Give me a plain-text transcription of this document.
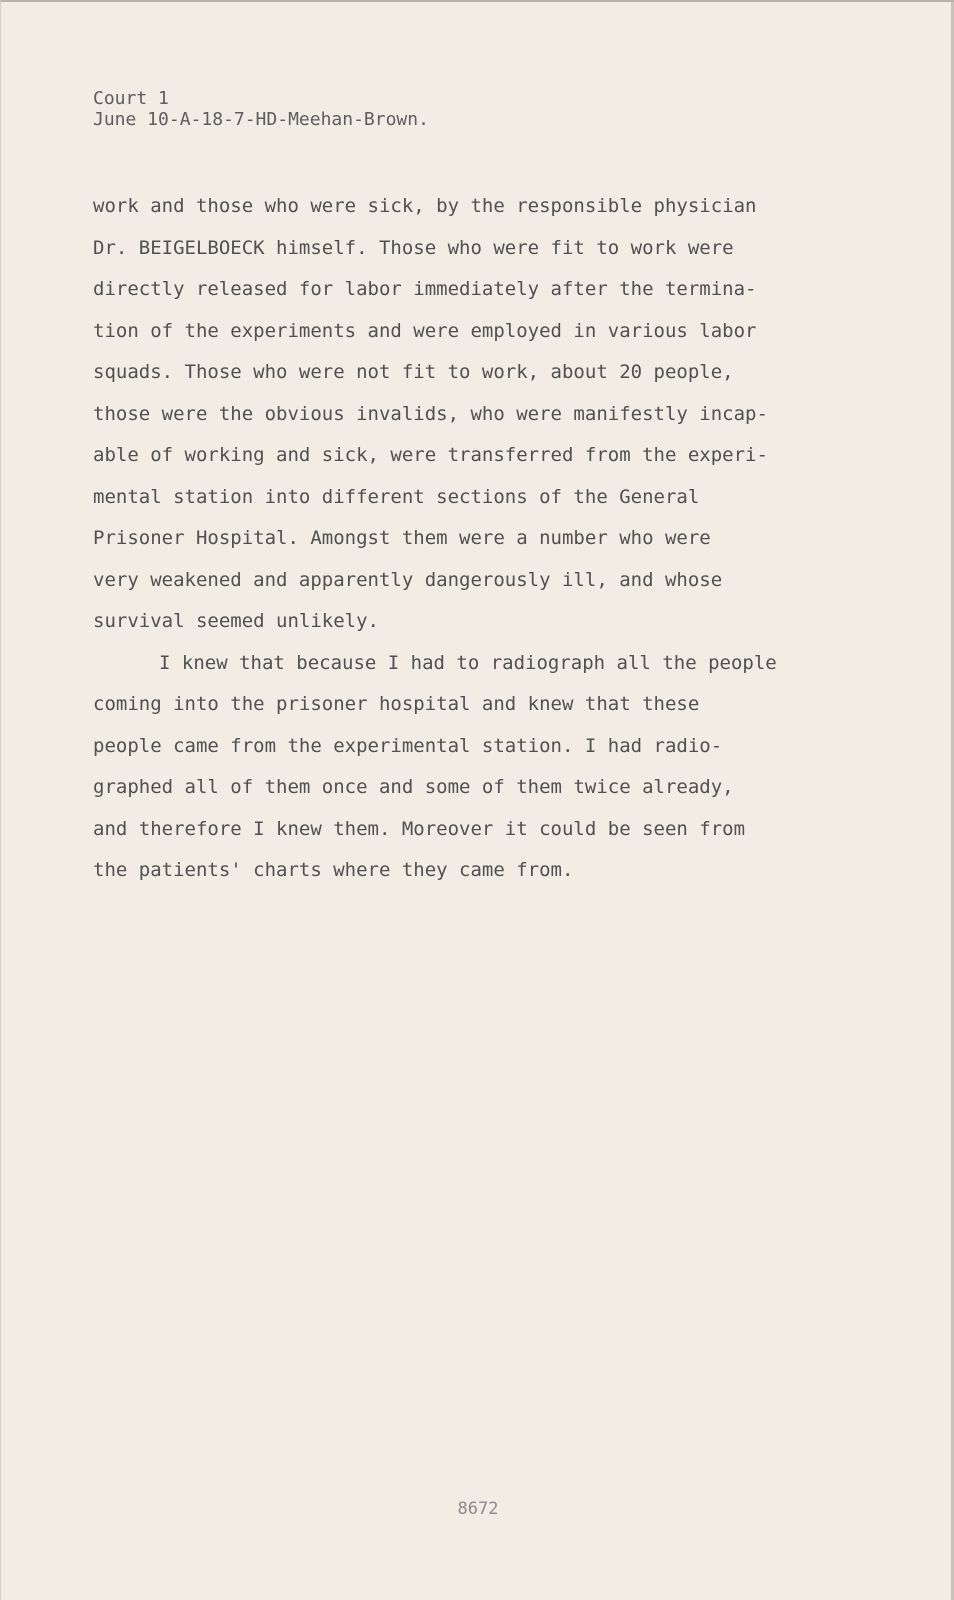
Court 1
June 10-A-18-7-HD-Meehan-Brown.
work and those who were sick, by the responsible physician
Dr. BEIGELBOECK himself. Those who were fit to work were
directly released for labor immediately after the termina-
tion of the experiments and were employed in various labor
squads. Those who were not fit to work, about 20 people,
those were the obvious invalids, who were manifestly incap-
able of working and sick, were transferred from the experi-
mental station into different sections of the General
Prisoner Hospital. Amongst them were a number who were
very weakened and apparently dangerously ill, and whose
survival seemed unlikely.
I knew that because I had to radiograph all the people
coming into the prisoner hospital and knew that these
people came from the experimental station. I had radio-
graphed all of them once and some of them twice already,
and therefore I knew them. Moreover it could be seen from
the patients' charts where they came from.
8672
